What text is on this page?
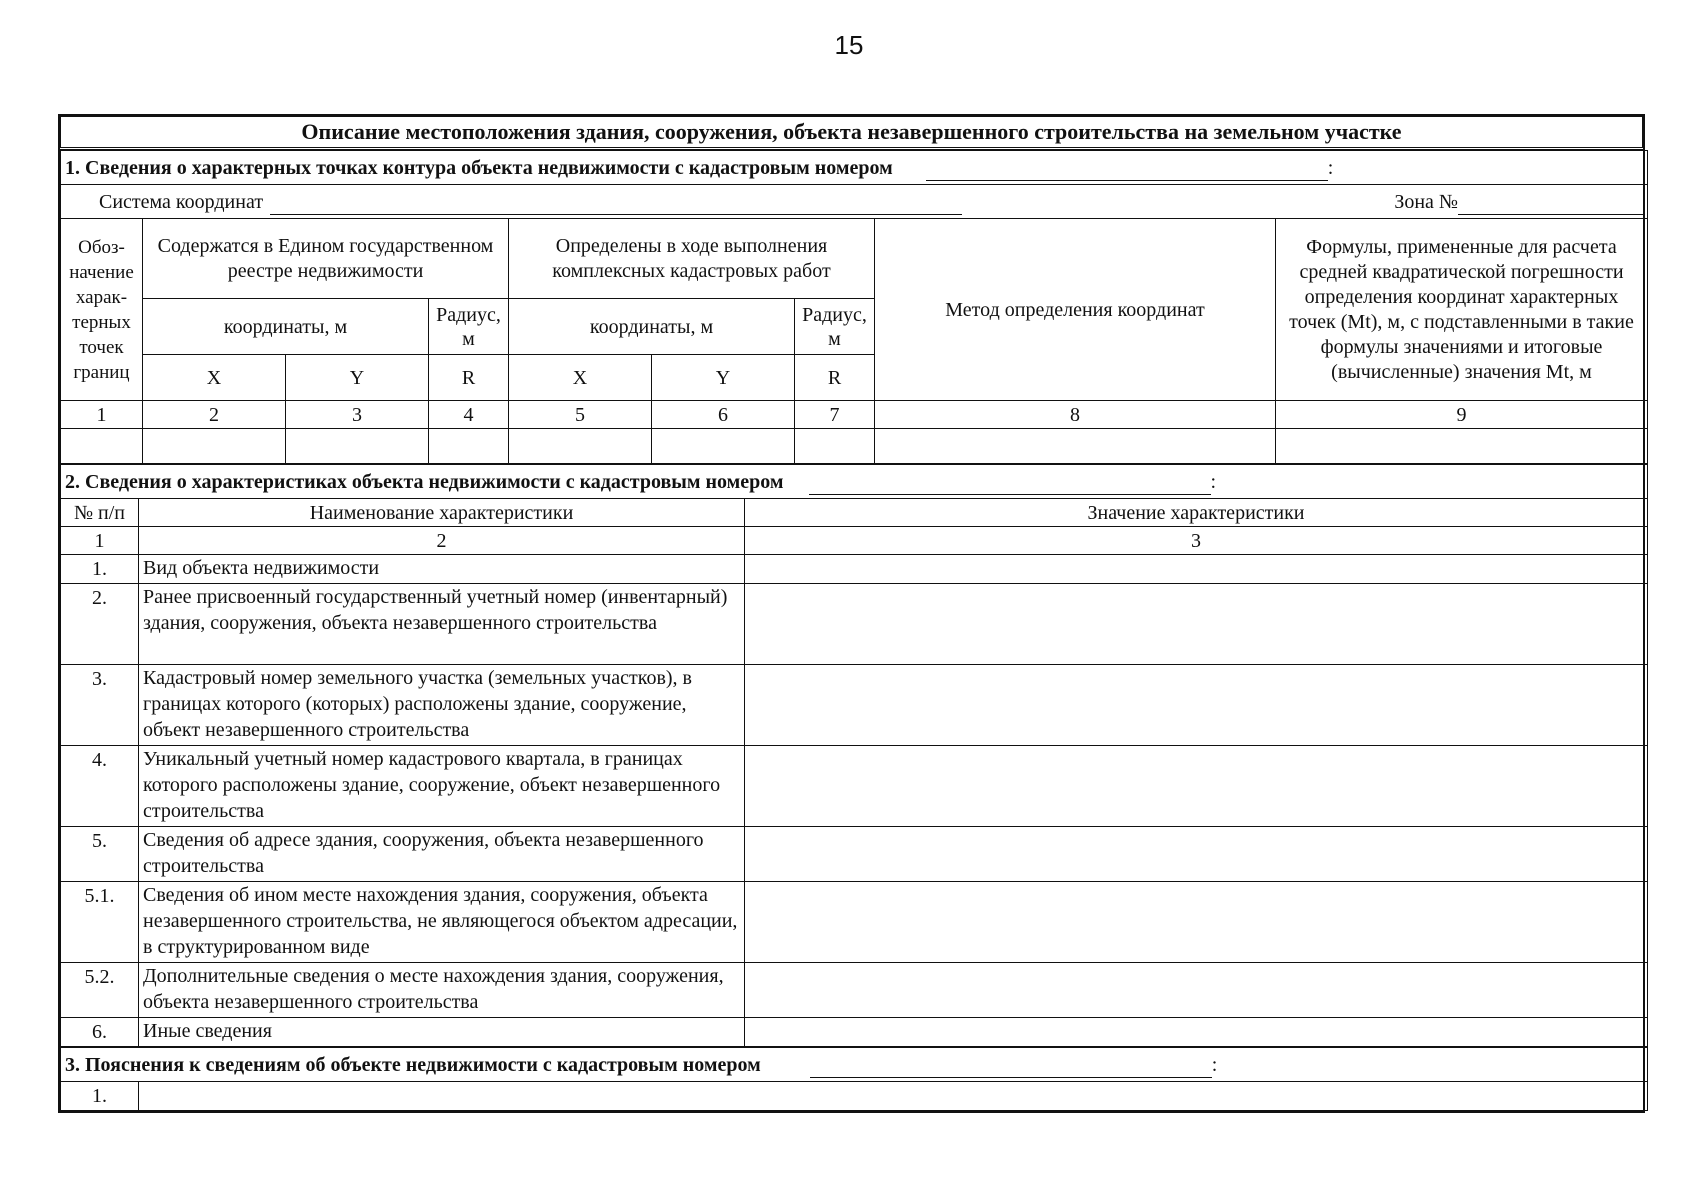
15
Описание местоположения здания, сооружения, объекта незавершенного строительства на земельном участке
1. Сведения о характерных точках контура объекта недвижимости с кадастровым номером :								
Система координат Зона №								

Обоз-начение харак-терных точек границ	Содержатся в Едином государственном реестре недвижимости			Определены в ходе выполнения комплексных кадастровых работ			Метод определения координат	Формулы, примененные для расчета средней квадратической погрешности определения координат характерных точек (Mt), м, с подставленными в такие формулы значениями и итоговые (вычисленные) значения Mt, м
	координаты, м		Радиус, м	координаты, м		Радиус, м		
	X	Y	R	X	Y	R		
1	2	3	4	5	6	7	8	9

2. Сведения о характеристиках объекта недвижимости с кадастровым номером :		
№ п/п	Наименование характеристики	Значение характеристики
1	2	3
1.	Вид объекта недвижимости	
2.	Ранее присвоенный государственный учетный номер (инвентарный) здания, сооружения, объекта незавершенного строительства	
3.	Кадастровый номер земельного участка (земельных участков), в границах которого (которых) расположены здание, сооружение, объект незавершенного строительства	
4.	Уникальный учетный номер кадастрового квартала, в границах которого расположены здание, сооружение, объект незавершенного строительства	
5.	Сведения об адресе здания, сооружения, объекта незавершенного строительства	
5.1.	Сведения об ином месте нахождения здания, сооружения, объекта незавершенного строительства, не являющегося объектом адресации, в структурированном виде	
5.2.	Дополнительные сведения о месте нахождения здания, сооружения, объекта незавершенного строительства	
6.	Иные сведения	
3. Пояснения к сведениям об объекте недвижимости с кадастровым номером	:
1.	
